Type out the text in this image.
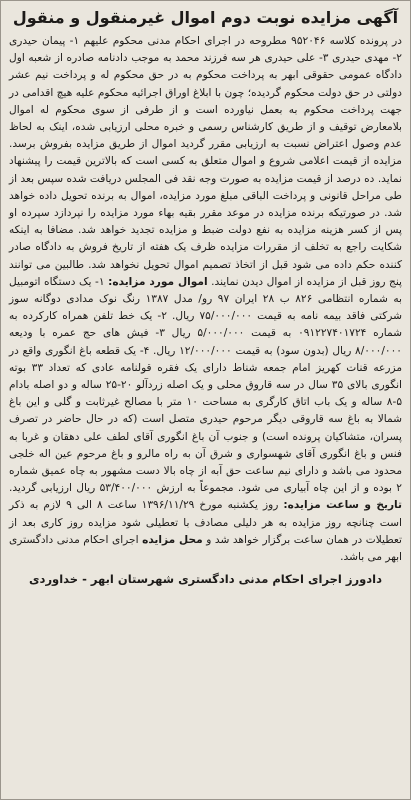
آگهی مزایده نوبت دوم اموال غیرمنقول و منقول

در پرونده کلاسه ۹۵۲۰۴۶ مطروحه در اجرای احکام مدنی محکوم علیهم ۱- پیمان حیدری ۲- مهدی حیدری ۳- علی حیدری هر سه فرزند محمد به موجب دادنامه صادره از شعبه اول دادگاه عمومی حقوقی ابهر به پرداخت محکوم به در حق محکوم له و پرداخت نیم عشر دولتی در حق دولت محکوم گردیده؛ چون با ابلاغ اوراق اجرائیه محکوم علیه هیچ اقدامی در جهت پرداخت محکوم به بعمل نیاورده است و از طرفی از سوی محکوم له اموال بلامعارض توقیف و از طریق کارشناس رسمی و خبره محلی ارزیابی شده، اینک به لحاظ عدم وصول اعتراض نسبت به ارزیابی مقرر گردید اموال از طریق مزایده بفروش برسد. مزایده از قیمت اعلامی شروع و اموال متعلق به کسی است که بالاترین قیمت را پیشنهاد نماید. ده درصد از قیمت مزایده به صورت وجه نقد فی المجلس دریافت شده سپس بعد از طی مراحل قانونی و پرداخت الباقی مبلغ مورد مزایده، اموال به برنده تحویل داده خواهد شد. در صورتیکه برنده مزایده در موعد مقرر بقیه بهاء مورد مزایده را نپردازد سپرده او پس از کسر هزینه مزایده به نفع دولت ضبط و مزایده تجدید خواهد شد. مضافا به اینکه شکایت راجع به تخلف از مقررات مزایده ظرف یک هفته از تاریخ فروش به دادگاه صادر کننده حکم داده می شود قبل از اتخاذ تصمیم اموال تحویل نخواهد شد. طالبین می توانند پنج روز قبل از مزایده از اموال دیدن نمایند. اموال مورد مزایده: ۱- یک دستگاه اتومبیل به شماره انتظامی ۸۲۶ ب ۲۸ ایران ۹۷ رو/ مدل ۱۳۸۷ رنگ نوک مدادی دوگانه سوز شرکتی فاقد بیمه نامه به قیمت ۷۵/۰۰۰/۰۰۰ ریال. ۲- یک خط تلفن همراه کارکرده به شماره ۰۹۱۲۲۷۴۰۱۷۲۴ به قیمت ۵/۰۰۰/۰۰۰ ریال ۳- فیش های حج عمره با ودیعه ۸/۰۰۰/۰۰۰ ریال (بدون سود) به قیمت ۱۲/۰۰۰/۰۰۰ ریال. ۴- یک قطعه باغ انگوری واقع در مزرعه قنات کهریز امام جمعه شناط دارای یک فقره قولنامه عادی که تعداد ۳۳ بوته انگوری بالای ۳۵ سال در سه قاروق محلی و یک اصله زردآلو ۲۰-۲۵ ساله و دو اصله بادام ۵-۸ ساله و یک باب اتاق کارگری به مساحت ۱۰ متر با مصالح غیرثابت و گلی و این باغ شمالا به باغ سه قاروقی دیگر مرحوم حیدری متصل است (که در حال حاضر در تصرف پسران، متشاکیان پرونده است) و جنوب آن باغ انگوری آقای لطف علی دهقان و غربا به فنس و باغ انگوری آقای شهسواری و شرق آن به راه مالرو و باغ مرحوم عین اله خلجی محدود می باشد و دارای نیم ساعت حق آبه از چاه بالا دست مشهور به چاه عمیق شماره ۲ بوده و از این چاه آبیاری می شود. مجموعاً به ارزش ۵۳/۴۰۰/۰۰۰ ریال ارزیابی گردید. تاریخ و ساعت مزایده: روز یکشنبه مورخ ۱۳۹۶/۱۱/۲۹ ساعت ۸ الی ۹ لازم به ذکر است چنانچه روز مزایده به هر دلیلی مصادف با تعطیلی شود مزایده روز کاری بعد از تعطیلات در همان ساعت برگزار خواهد شد و محل مزایده اجرای احکام مدنی دادگستری ابهر می باشد.

دادورز اجرای احکام مدنی دادگستری شهرستان ابهر - خداوردی
